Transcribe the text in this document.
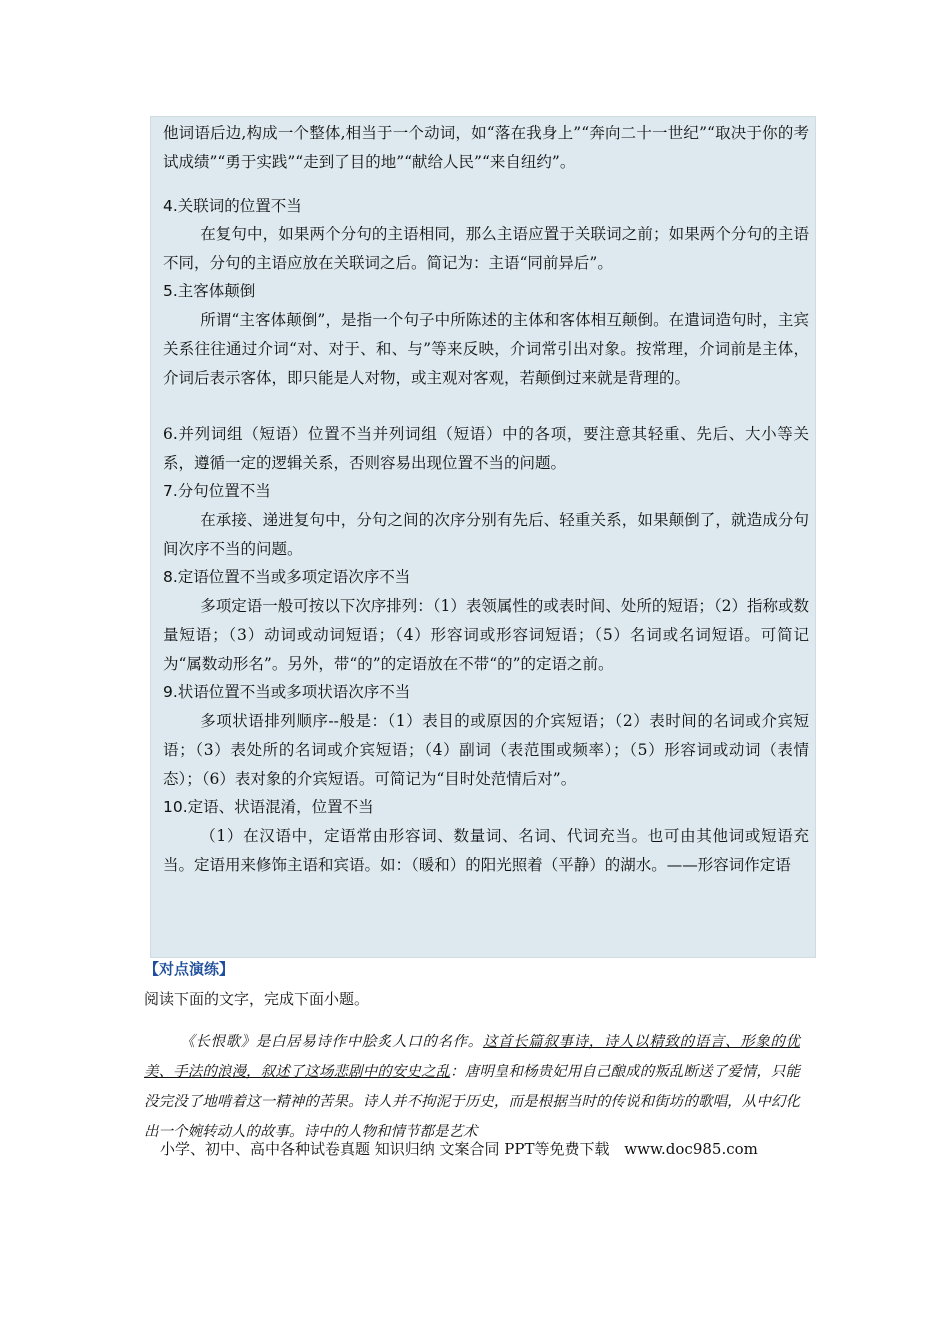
他词语后边,构成一个整体,相当于一个动词，如“落在我身上”“奔向二十一世纪”“取决于你的考试成绩”“勇于实践”“走到了目的地”“献给人民”“来自纽约”。

4.关联词的位置不当

在复句中，如果两个分句的主语相同，那么主语应置于关联词之前；如果两个分句的主语不同，分句的主语应放在关联词之后。简记为：主语“同前异后”。

5.主客体颠倒

所谓“主客体颠倒”，是指一个句子中所陈述的主体和客体相互颠倒。在遣词造句时，主宾关系往往通过介词“对、对于、和、与”等来反映，介词常引出对象。按常理，介词前是主体，介词后表示客体，即只能是人对物，或主观对客观，若颠倒过来就是背理的。

6.并列词组（短语）位置不当并列词组（短语）中的各项，要注意其轻重、先后、大小等关系，遵循一定的逻辑关系，否则容易出现位置不当的问题。

7.分句位置不当

在承接、递进复句中，分句之间的次序分别有先后、轻重关系，如果颠倒了，就造成分句间次序不当的问题。

8.定语位置不当或多项定语次序不当

多项定语一般可按以下次序排列：（1）表领属性的或表时间、处所的短语；（2）指称或数量短语；（3）动词或动词短语；（4）形容词或形容词短语；（5）名词或名词短语。可简记为“属数动形名”。另外，带“的”的定语放在不带“的”的定语之前。

9.状语位置不当或多项状语次序不当

多项状语排列顺序--般是：（1）表目的或原因的介宾短语；（2）表时间的名词或介宾短语；（3）表处所的名词或介宾短语；（4）副词（表范围或频率）；（5）形容词或动词（表情态）；（6）表对象的介宾短语。可简记为“目时处范情后对”。

10.定语、状语混淆，位置不当

（1）在汉语中，定语常由形容词、数量词、名词、代词充当。也可由其他词或短语充当。定语用来修饰主语和宾语。如：（暖和）的阳光照着（平静）的湖水。——形容词作定语

【对点演练】
阅读下面的文字，完成下面小题。

《长恨歌》是白居易诗作中脍炙人口的名作。这首长篇叙事诗，诗人以精致的语言、形象的优美、手法的浪漫，叙述了这场悲剧中的安史之乱：唐明皇和杨贵妃用自己酿成的叛乱断送了爱情，只能没完没了地啃着这一精神的苦果。诗人并不拘泥于历史，而是根据当时的传说和街坊的歌唱，从中幻化出一个婉转动人的故事。诗中的人物和情节都是艺术

小学、初中、高中各种试卷真题 知识归纳 文案合同 PPT等免费下载 www.doc985.com
